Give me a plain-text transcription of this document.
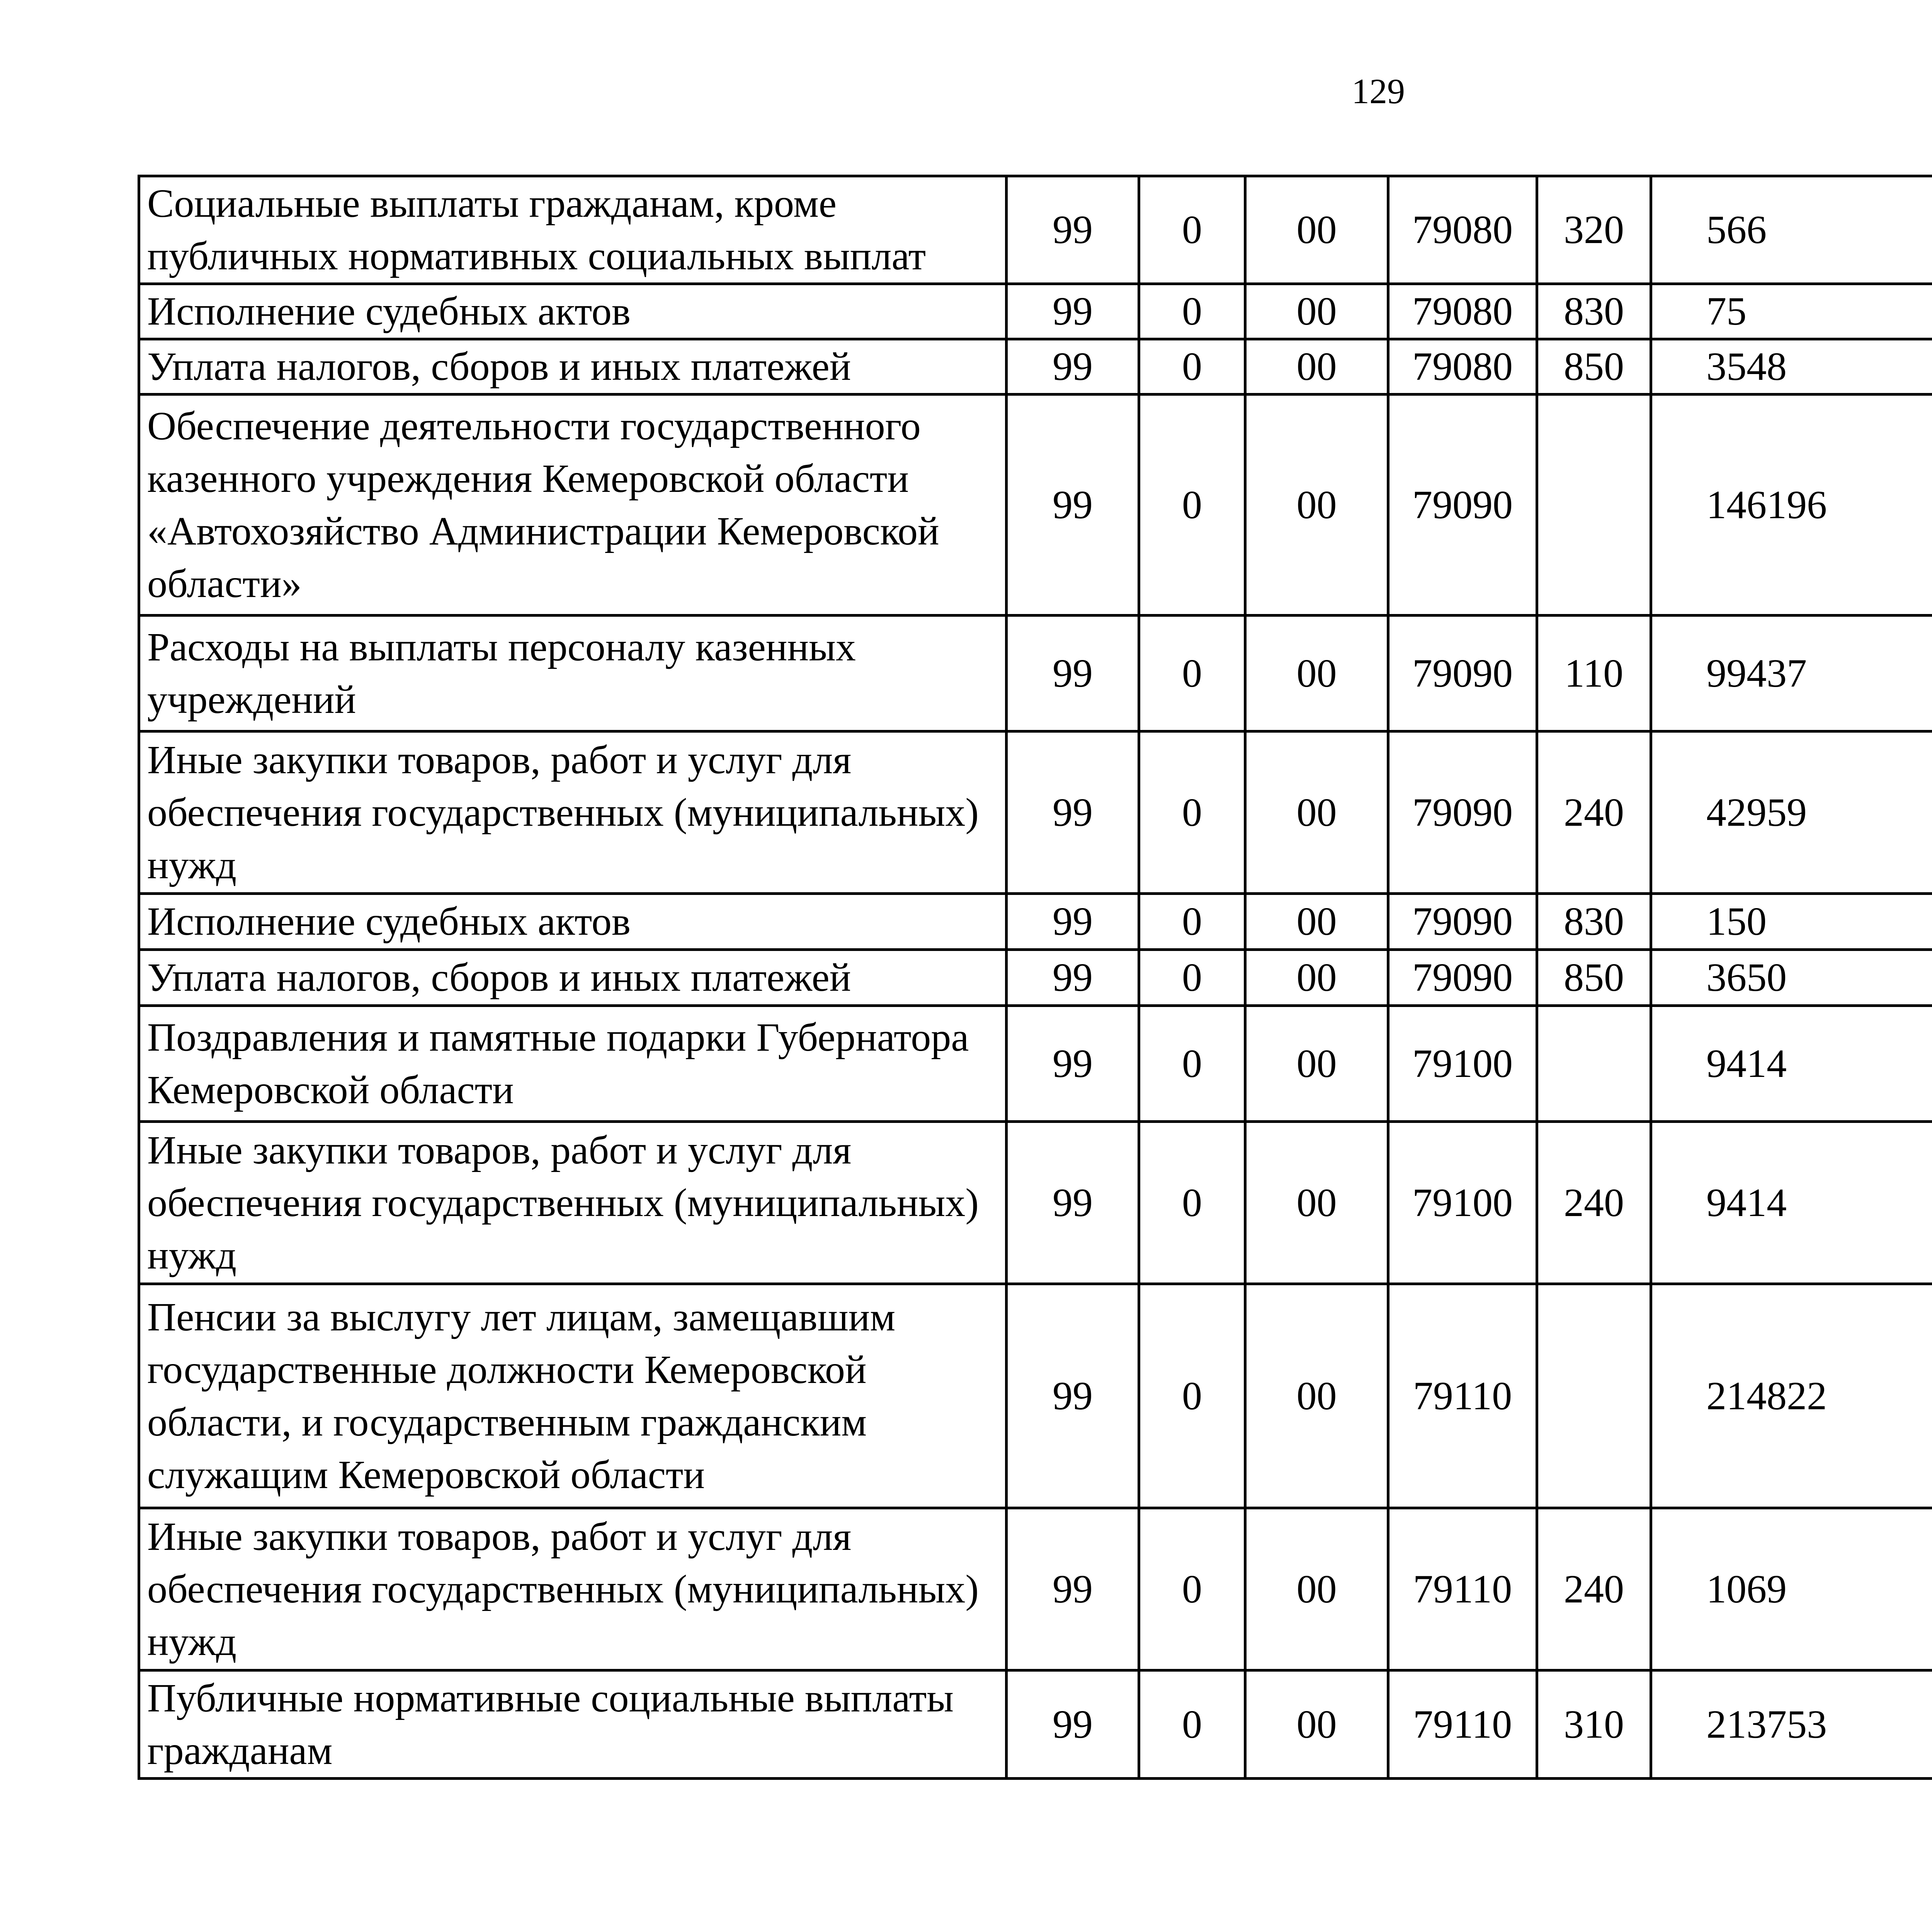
129
Социальные выплаты гражданам, кроме публичных нормативных социальных выплат	99	0	00	79080	320	566		
Исполнение судебных актов	99	0	00	79080	830	75		
Уплата налогов, сборов и иных платежей	99	0	00	79080	850	3548		
Обеспечение деятельности государственного казенного учреждения Кемеровской области «Автохозяйство Администрации Кемеровской области»	99	0	00	79090		146196		
Расходы на выплаты персоналу казенных учреждений	99	0	00	79090	110	99437		
Иные закупки товаров, работ и услуг для обеспечения государственных (муниципальных) нужд	99	0	00	79090	240	42959		
Исполнение судебных актов	99	0	00	79090	830	150		
Уплата налогов, сборов и иных платежей	99	0	00	79090	850	3650		
Поздравления и памятные подарки Губернатора Кемеровской области	99	0	00	79100		9414		
Иные закупки товаров, работ и услуг для обеспечения государственных (муниципальных) нужд	99	0	00	79100	240	9414		
Пенсии за выслугу лет лицам, замещавшим государственные должности Кемеровской области, и государственным гражданским служащим Кемеровской области	99	0	00	79110		214822		
Иные закупки товаров, работ и услуг для обеспечения государственных (муниципальных) нужд	99	0	00	79110	240	1069		
Публичные нормативные социальные выплаты гражданам	99	0	00	79110	310	213753		
